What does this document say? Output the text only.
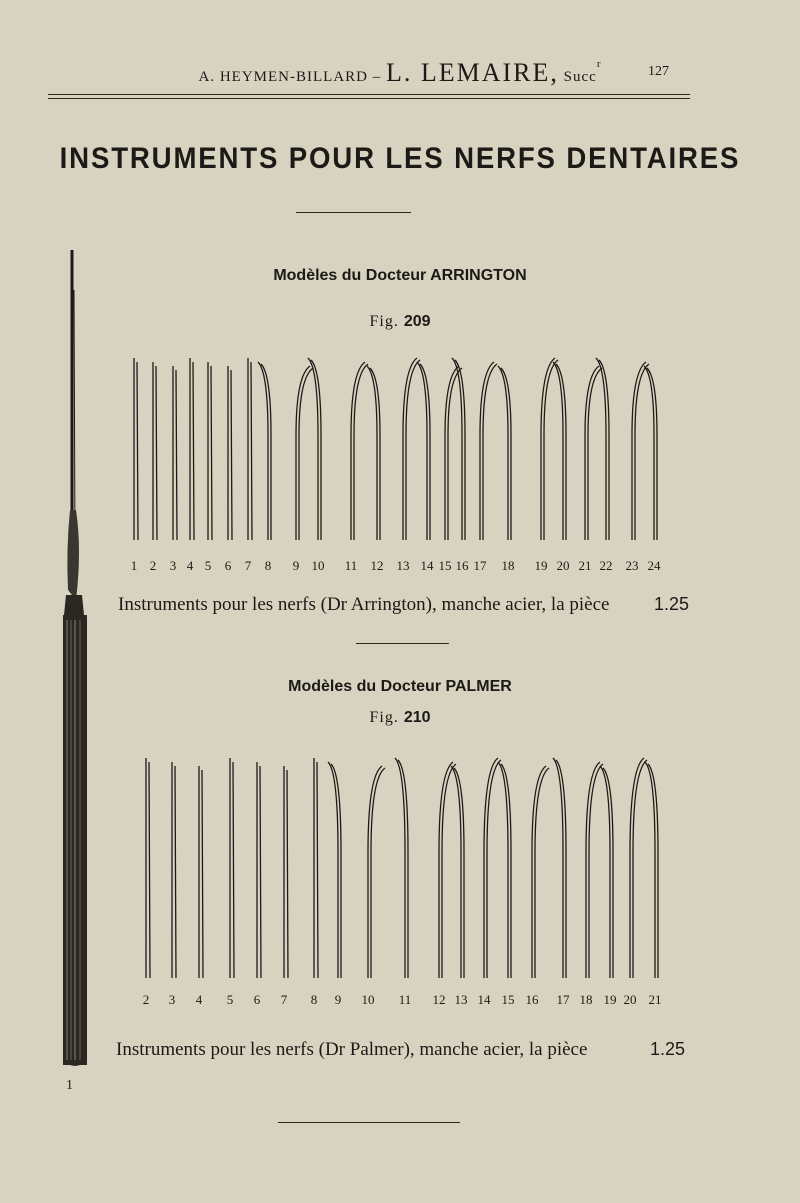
A. HEYMEN-BILLARD – L. LEMAIRE, Succ$^r$	127
INSTRUMENTS POUR LES NERFS DENTAIRES
1
Modèles du Docteur ARRINGTON
Fig. 209
1 2 3 4 5 6 7 8 9 10 11 12 13 14 15 16 17 18 19 20 21 22 23 24
Instruments pour les nerfs (Dr Arrington), manche acier, la pièce 1.25
Modèles du Docteur PALMER
Fig. 210
2 3 4 5 6 7 8 9 10 11 12 13 14 15 16 17 18 19 20 21
Instruments pour les nerfs (Dr Palmer), manche acier, la pièce	1.25
